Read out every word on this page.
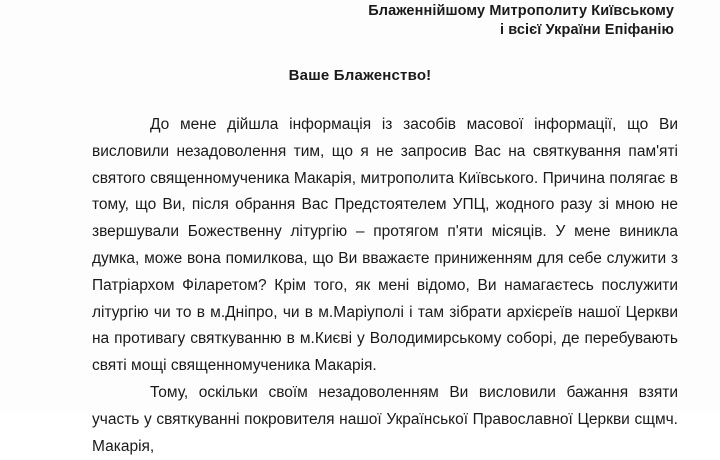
Блаженнійшому Митрополиту Київському
і всієї України Епіфанію
Ваше Блаженство!

До мене дійшла інформація із засобів масової інформації, що Ви висловили незадоволення тим, що я не запросив Вас на святкування пам'яті святого священномученика Макарія, митрополита Київського. Причина полягає в тому, що Ви, після обрання Вас Предстоятелем УПЦ, жодного разу зі мною не звершували Божественну літургію – протягом п'яти місяців. У мене виникла думка, може вона помилкова, що Ви вважаєте приниженням для себе служити з Патріархом Філаретом? Крім того, як мені відомо, Ви намагаєтесь послужити літургію чи то в м.Дніпро, чи в м.Маріуполі і там зібрати архієреїв нашої Церкви на противагу святкуванню в м.Києві у Володимирському соборі, де перебувають святі мощі священномученика Макарія.

Тому, оскільки своїм незадоволенням Ви висловили бажання взяти участь у святкуванні покровителя нашої Української Православної Церкви сщмч. Макарія,
